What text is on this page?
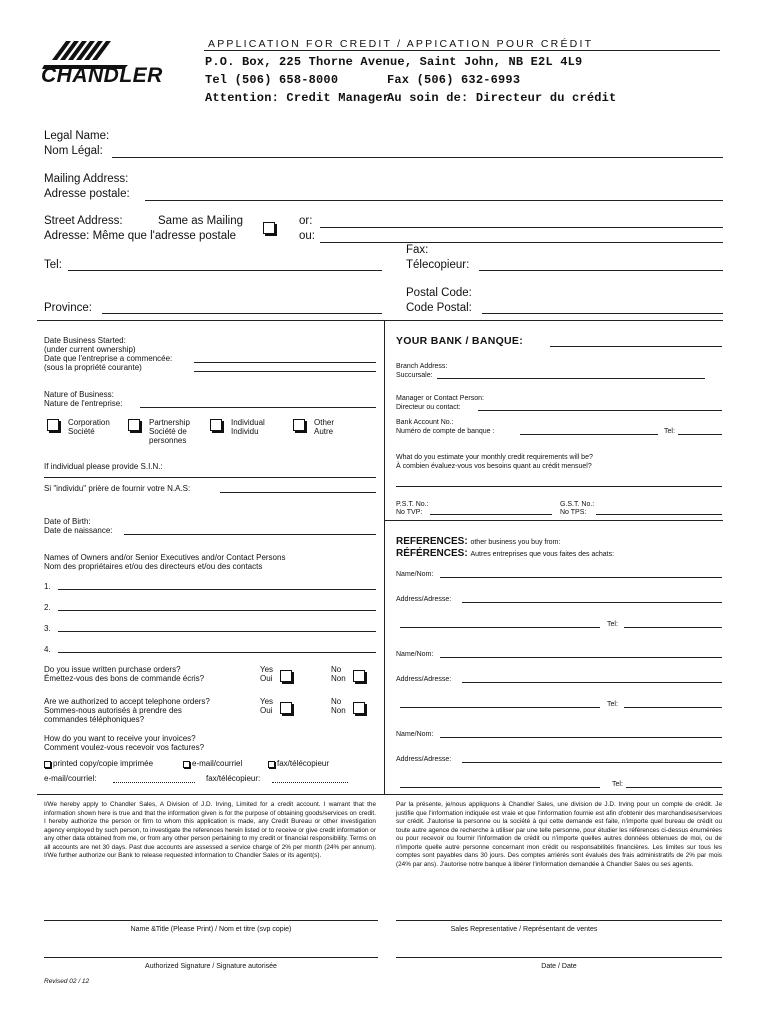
CHANDLER
APPLICATION FOR CREDIT / APPICATION POUR CRÉDIT
P.O. Box, 225 Thorne Avenue, Saint John, NB E2L 4L9
Tel (506) 658-8000	Fax (506) 632-6993
Attention: Credit Manager
Au soin de: Directeur du crédit
Legal Name:
Nom Légal:
Mailing Address:
Adresse postale:
Street Address:	Same as Mailing
Adresse: Même que l'adresse postale
or:
ou:
Fax:
Télecopieur:
Tel:
Postal Code:
Code Postal:
Province:
Date Business Started:
(under current ownership)
Date que l'entreprise a commencée:
(sous la propriété courante)
Nature of Business:
Nature de l'entreprise:
Corporation
Société
Partnership
Société de
personnes
Individual
Individu
Other
Autre
If individual please provide S.I.N.:
Si "individu" prière de fournir votre N.A.S:
Date of Birth:
Date de naissance:
Names of Owners and/or Senior Executives and/or Contact Persons
Nom des propriétaires et/ou des directeurs et/ou des contacts
1.
2.
3.
4.
Do you issue written purchase orders?
Émettez-vous des bons de commande écris?
Yes
Oui
No
Non
Are we authorized to accept telephone orders?
Sommes-nous autorisés à prendre des
commandes téléphoniques?
Yes
Oui
No
Non
How do you want to receive your invoices?
Comment voulez-vous recevoir vos factures?
printed copy/copie imprimée	e-mail/courriel	fax/télécopieur
e-mail/courriel:	fax/télécopieur:
YOUR BANK / BANQUE:
Branch Address:
Succursale:
Manager or Contact Person:
Directeur ou contact:
Bank Account No.:
Numéro de compte de banque :	Tel:
What do you estimate your monthly credit requirements will be?
À combien évaluez-vous vos besoins quant au crédit mensuel?
P.S.T. No.:
No TVP:
G.S.T. No.:
No TPS:
REFERENCES: other business you buy from:
RÉFÉRENCES: Autres entreprises que vous faites des achats:
Name/Nom:
Address/Adresse:
Tel:
Name/Nom:
Address/Adresse:
Tel:
Name/Nom:
Address/Adresse:
Tel:
I/We hereby apply to Chandler Sales, A Division of J.D. Irving, Limited for a credit account. I warrant that the information shown here is true and that the information given is for the purpose of obtaining goods/services on credit. I hereby authorize the person or firm to whom this application is made, any Credit Bureau or other investigation agency employed by such person, to investigate the references herein listed or to receive or give credit information or any other data obtained from me, or from any other person pertaining to my credit or financial responsibility. Terms on all accounts are net 30 days. Past due accounts are assessed a service charge of 2% per month (24% per annum). I/We further authorize our Bank to release requested information to Chandler Sales or its agent(s).
Par la présente, je/nous appliquons à Chandler Sales, une division de J.D. Irving pour un compte de crédit. Je justifie que l'information indiquée est vraie et que l'information fournie est afin d'obtenir des marchandises/services sur crédit. J'autorise la personne ou la société à qui cette demande est faite, n'importe quel bureau de crédit ou toute autre agence de recherche à utiliser par une telle personne, pour étudier les références ci-dessus énumérées ou pour recevoir ou fournir l'information de crédit ou n'importe quelles autres données obtenues de moi, ou de n'importe quelle autre personne concernant mon crédit ou responsabilités financières. Les limites sur tous les comptes sont payables dans 30 jours. Des comptes arriérés sont évalués des frais administratifs de 2% par mois (24% par ans). J'autorise notre banque à libérer l'information demandée à Chandler Sales ou ses agents.
Name &Title (Please Print) / Nom et titre (svp copie)	Sales Representative / Représentant de ventes
Authorized Signature / Signature autorisée	Date / Date
Revised 02 / 12
